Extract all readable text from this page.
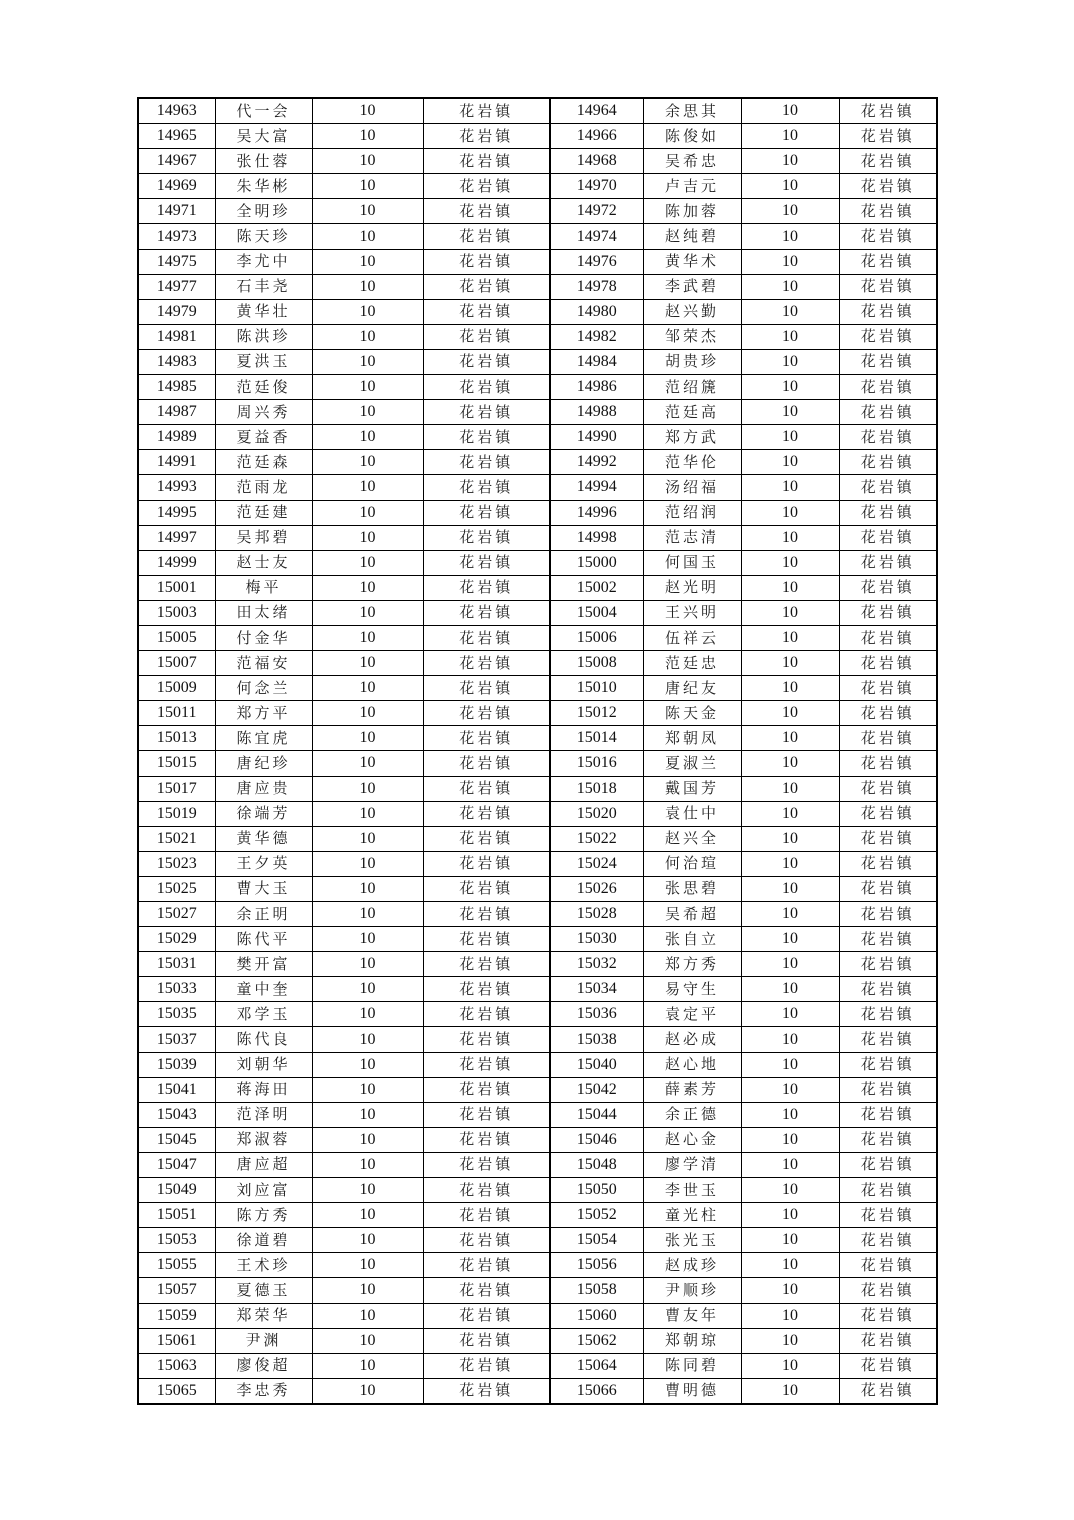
14963	代一会	10	花岩镇	14964	余思其	10	花岩镇
14965	吴大富	10	花岩镇	14966	陈俊如	10	花岩镇
14967	张仕蓉	10	花岩镇	14968	吴希忠	10	花岩镇
14969	朱华彬	10	花岩镇	14970	卢吉元	10	花岩镇
14971	全明珍	10	花岩镇	14972	陈加蓉	10	花岩镇
14973	陈天珍	10	花岩镇	14974	赵纯碧	10	花岩镇
14975	李尤中	10	花岩镇	14976	黄华术	10	花岩镇
14977	石丰尧	10	花岩镇	14978	李武碧	10	花岩镇
14979	黄华壮	10	花岩镇	14980	赵兴勤	10	花岩镇
14981	陈洪珍	10	花岩镇	14982	邹荣杰	10	花岩镇
14983	夏洪玉	10	花岩镇	14984	胡贵珍	10	花岩镇
14985	范廷俊	10	花岩镇	14986	范绍篪	10	花岩镇
14987	周兴秀	10	花岩镇	14988	范廷高	10	花岩镇
14989	夏益香	10	花岩镇	14990	郑方武	10	花岩镇
14991	范廷森	10	花岩镇	14992	范华伦	10	花岩镇
14993	范雨龙	10	花岩镇	14994	汤绍福	10	花岩镇
14995	范廷建	10	花岩镇	14996	范绍润	10	花岩镇
14997	吴邦碧	10	花岩镇	14998	范志清	10	花岩镇
14999	赵士友	10	花岩镇	15000	何国玉	10	花岩镇
15001	梅平	10	花岩镇	15002	赵光明	10	花岩镇
15003	田太绪	10	花岩镇	15004	王兴明	10	花岩镇
15005	付金华	10	花岩镇	15006	伍祥云	10	花岩镇
15007	范福安	10	花岩镇	15008	范廷忠	10	花岩镇
15009	何念兰	10	花岩镇	15010	唐纪友	10	花岩镇
15011	郑方平	10	花岩镇	15012	陈天金	10	花岩镇
15013	陈宜虎	10	花岩镇	15014	郑朝凤	10	花岩镇
15015	唐纪珍	10	花岩镇	15016	夏淑兰	10	花岩镇
15017	唐应贵	10	花岩镇	15018	戴国芳	10	花岩镇
15019	徐端芳	10	花岩镇	15020	袁仕中	10	花岩镇
15021	黄华德	10	花岩镇	15022	赵兴全	10	花岩镇
15023	王夕英	10	花岩镇	15024	何治瑄	10	花岩镇
15025	曹大玉	10	花岩镇	15026	张思碧	10	花岩镇
15027	余正明	10	花岩镇	15028	吴希超	10	花岩镇
15029	陈代平	10	花岩镇	15030	张自立	10	花岩镇
15031	樊开富	10	花岩镇	15032	郑方秀	10	花岩镇
15033	童中奎	10	花岩镇	15034	易守生	10	花岩镇
15035	邓学玉	10	花岩镇	15036	袁定平	10	花岩镇
15037	陈代良	10	花岩镇	15038	赵必成	10	花岩镇
15039	刘朝华	10	花岩镇	15040	赵心地	10	花岩镇
15041	蒋海田	10	花岩镇	15042	薛素芳	10	花岩镇
15043	范泽明	10	花岩镇	15044	余正德	10	花岩镇
15045	郑淑蓉	10	花岩镇	15046	赵心金	10	花岩镇
15047	唐应超	10	花岩镇	15048	廖学清	10	花岩镇
15049	刘应富	10	花岩镇	15050	李世玉	10	花岩镇
15051	陈方秀	10	花岩镇	15052	童光柱	10	花岩镇
15053	徐道碧	10	花岩镇	15054	张光玉	10	花岩镇
15055	王术珍	10	花岩镇	15056	赵成珍	10	花岩镇
15057	夏德玉	10	花岩镇	15058	尹顺珍	10	花岩镇
15059	郑荣华	10	花岩镇	15060	曹友年	10	花岩镇
15061	尹渊	10	花岩镇	15062	郑朝琼	10	花岩镇
15063	廖俊超	10	花岩镇	15064	陈同碧	10	花岩镇
15065	李忠秀	10	花岩镇	15066	曹明德	10	花岩镇
